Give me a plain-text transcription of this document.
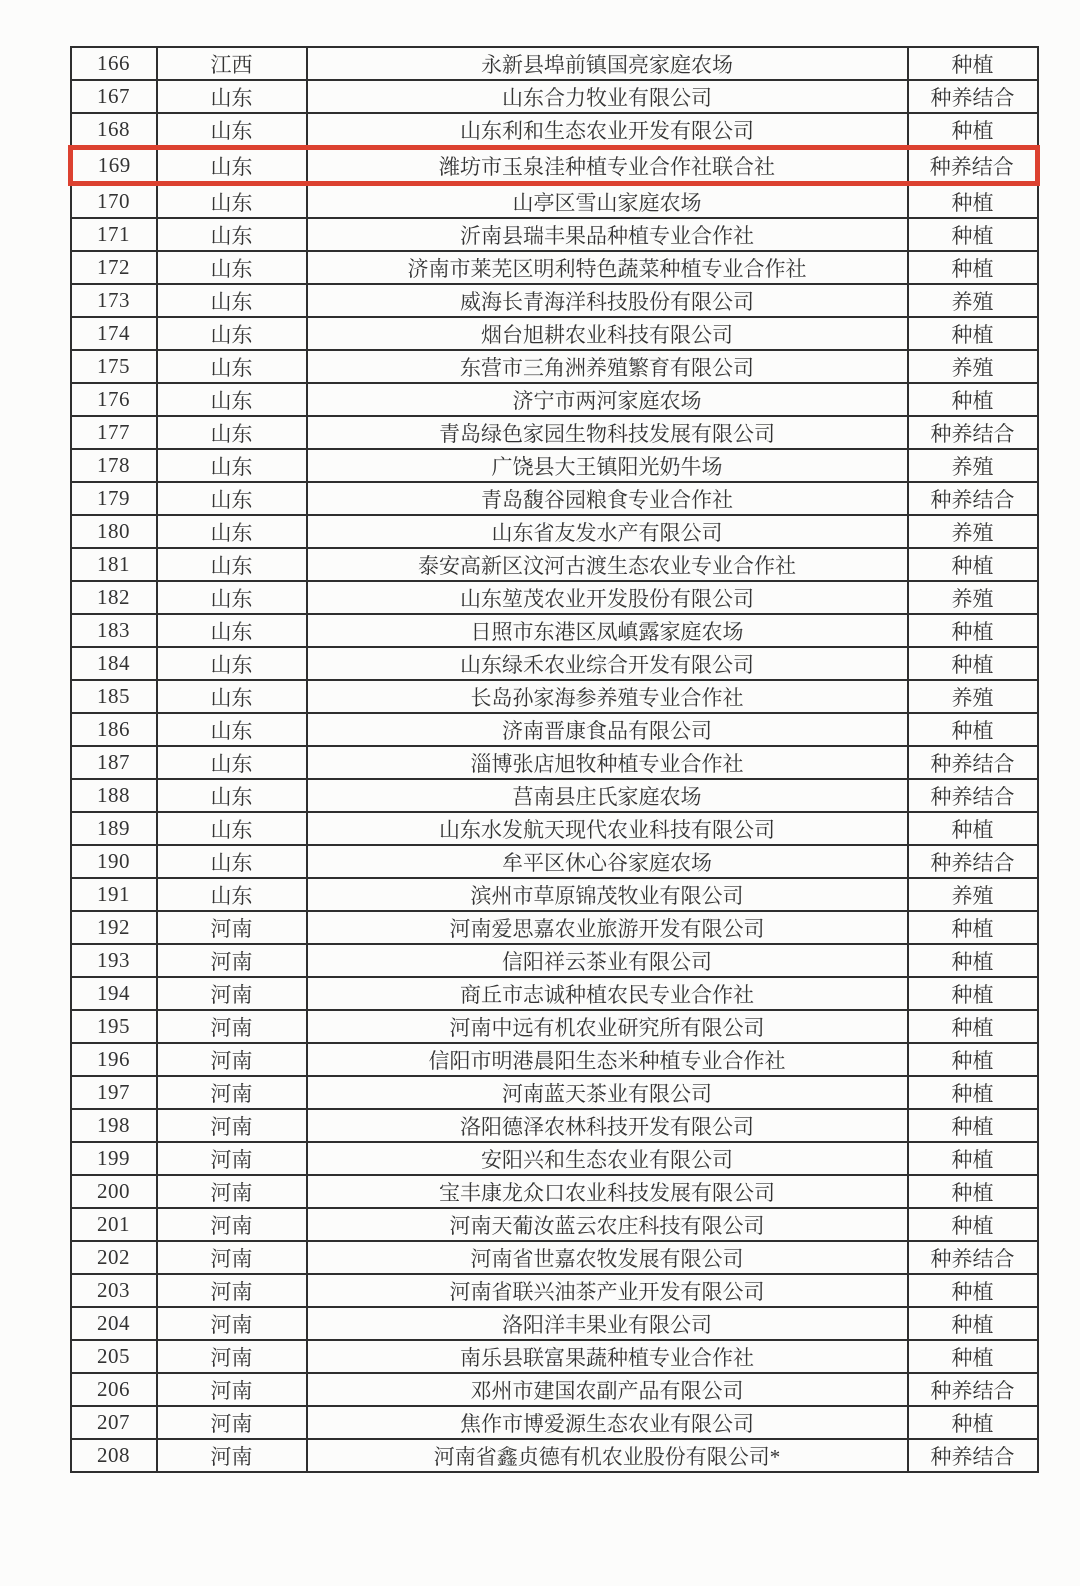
166	江西	永新县埠前镇国亮家庭农场	种植
167	山东	山东合力牧业有限公司	种养结合
168	山东	山东利和生态农业开发有限公司	种植
169	山东	潍坊市玉泉洼种植专业合作社联合社	种养结合
170	山东	山亭区雪山家庭农场	种植
171	山东	沂南县瑞丰果品种植专业合作社	种植
172	山东	济南市莱芜区明利特色蔬菜种植专业合作社	种植
173	山东	威海长青海洋科技股份有限公司	养殖
174	山东	烟台旭耕农业科技有限公司	种植
175	山东	东营市三角洲养殖繁育有限公司	养殖
176	山东	济宁市两河家庭农场	种植
177	山东	青岛绿色家园生物科技发展有限公司	种养结合
178	山东	广饶县大王镇阳光奶牛场	养殖
179	山东	青岛馥谷园粮食专业合作社	种养结合
180	山东	山东省友发水产有限公司	养殖
181	山东	泰安高新区汶河古渡生态农业专业合作社	种植
182	山东	山东堃茂农业开发股份有限公司	养殖
183	山东	日照市东港区凤嵮露家庭农场	种植
184	山东	山东绿禾农业综合开发有限公司	种植
185	山东	长岛孙家海参养殖专业合作社	养殖
186	山东	济南晋康食品有限公司	种植
187	山东	淄博张店旭牧种植专业合作社	种养结合
188	山东	莒南县庄氏家庭农场	种养结合
189	山东	山东水发航天现代农业科技有限公司	种植
190	山东	牟平区休心谷家庭农场	种养结合
191	山东	滨州市草原锦茂牧业有限公司	养殖
192	河南	河南爱思嘉农业旅游开发有限公司	种植
193	河南	信阳祥云茶业有限公司	种植
194	河南	商丘市志诚种植农民专业合作社	种植
195	河南	河南中远有机农业研究所有限公司	种植
196	河南	信阳市明港晨阳生态米种植专业合作社	种植
197	河南	河南蓝天茶业有限公司	种植
198	河南	洛阳德泽农林科技开发有限公司	种植
199	河南	安阳兴和生态农业有限公司	种植
200	河南	宝丰康龙众口农业科技发展有限公司	种植
201	河南	河南天葡汝蓝云农庄科技有限公司	种植
202	河南	河南省世嘉农牧发展有限公司	种养结合
203	河南	河南省联兴油茶产业开发有限公司	种植
204	河南	洛阳洋丰果业有限公司	种植
205	河南	南乐县联富果蔬种植专业合作社	种植
206	河南	邓州市建国农副产品有限公司	种养结合
207	河南	焦作市博爱源生态农业有限公司	种植
208	河南	河南省鑫贞德有机农业股份有限公司*	种养结合
